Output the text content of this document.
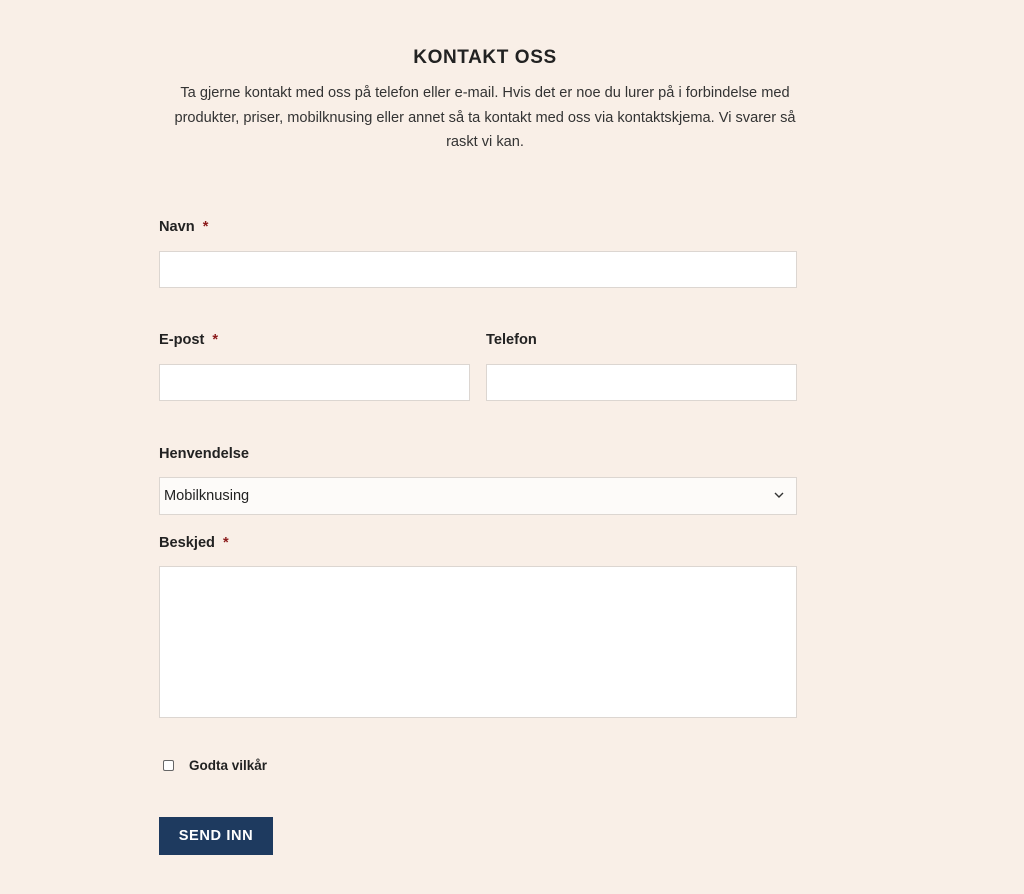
KONTAKT OSS

Ta gjerne kontakt med oss på telefon eller e-mail. Hvis det er noe du lurer på i forbindelse med
produkter, priser, mobilknusing eller annet så ta kontakt med oss via kontaktskjema. Vi svarer så
raskt vi kan.

Navn *
E-post *	Telefon
Henvendelse
Mobilknusing
Beskjed *
Godta vilkår
SEND INN
